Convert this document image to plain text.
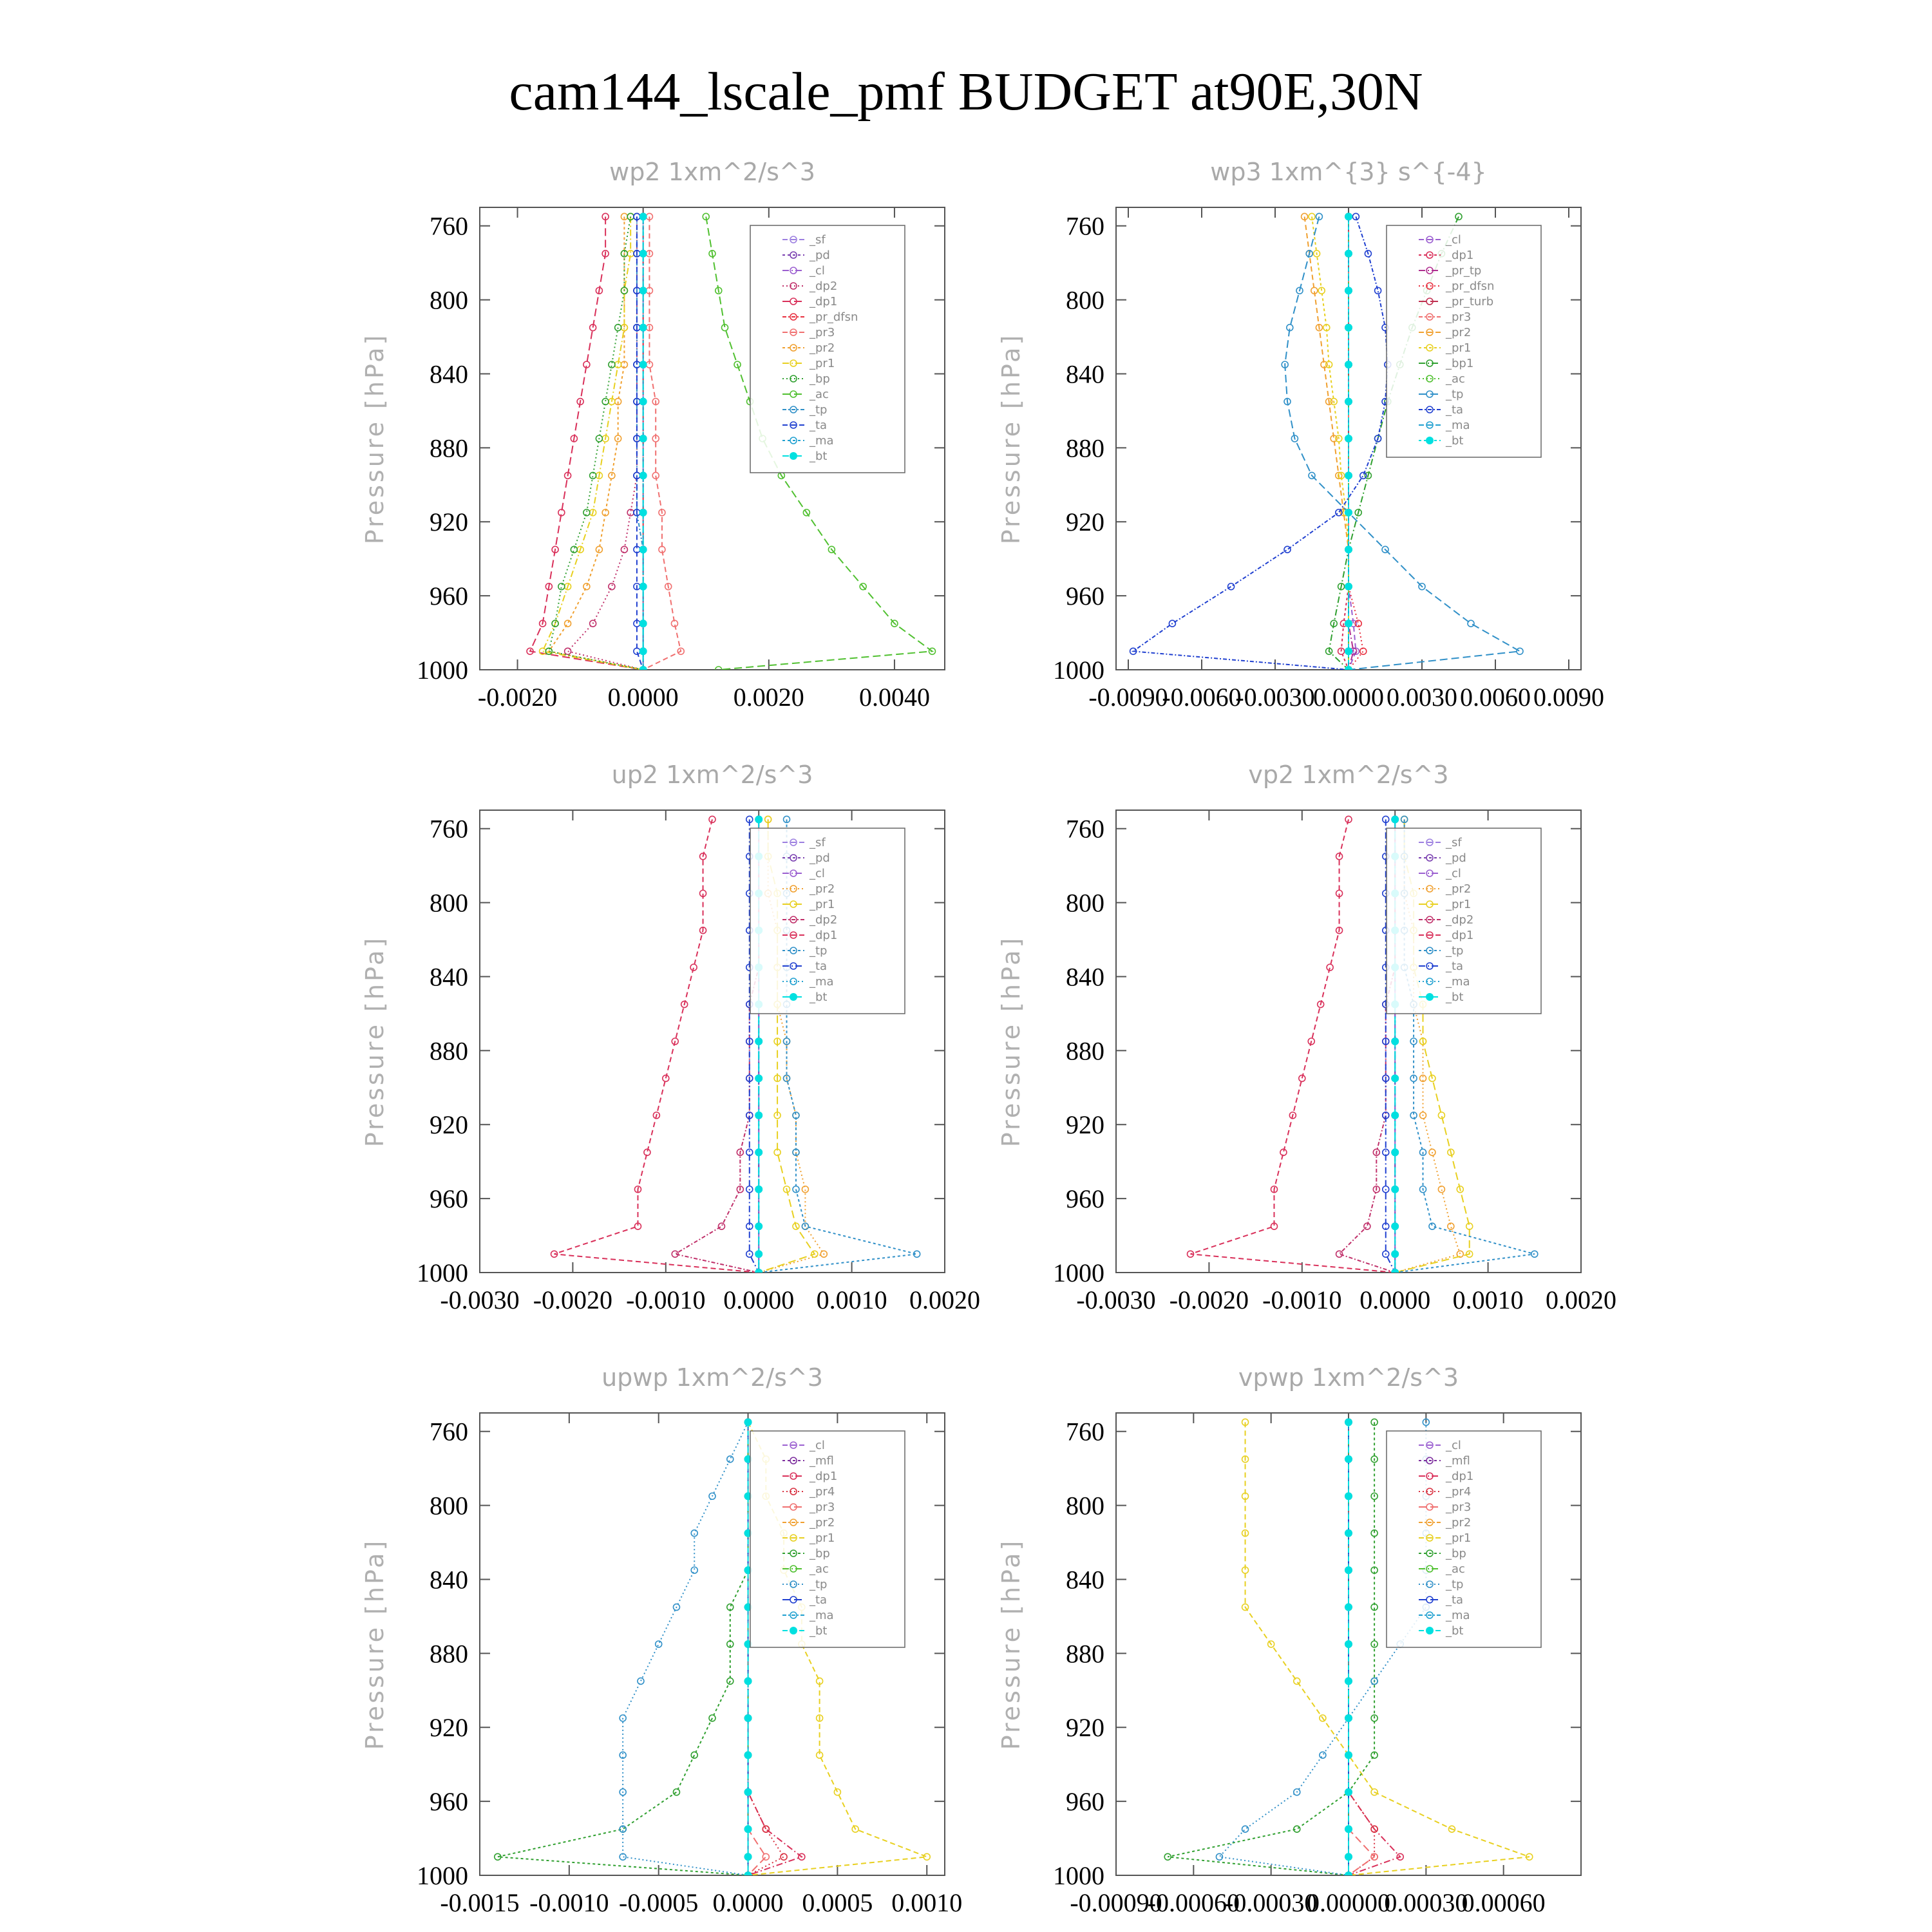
cam144_lscale_pmf BUDGET at90E,30N
wp2 1xm^2/s^3
Pressure [hPa]
760
800
840
880
920
960
1000
-0.0020 0.0000 0.0020 0.0040
_sf
_pd
_cl
_dp2
_dp1
_pr_dfsn
_pr3
_pr2
_pr1
_bp
_ac
_tp
_ta
_ma
_bt
wp3 1xm^{3} s^{-4}
Pressure [hPa]
760
800
840
880
920
960
1000
-0.0090
-0.0060
-0.0030
0.0000 0.0030 0.0060 0.0090
_cl
_dp1
_pr_tp
_pr_dfsn
_pr_turb
_pr3
_pr2
_pr1
_bp1
_ac
_tp
_ta
_ma
_bt
up2 1xm^2/s^3
Pressure [hPa]
760
800
840
880
920
960
1000
-0.0030 -0.0020 -0.0010 0.0000 0.0010 0.0020
_sf
_pd
_cl
_pr2
_pr1
_dp2
_dp1
_tp
_ta
_ma
_bt
vp2 1xm^2/s^3
Pressure [hPa]
760
800
840
880
920
960
1000
-0.0030 -0.0020 -0.0010 0.0000 0.0010 0.0020
_sf
_pd
_cl
_pr2
_pr1
_dp2
_dp1
_tp
_ta
_ma
_bt
upwp 1xm^2/s^3
Pressure [hPa]
760
800
840
880
920
960
1000
-0.0015 -0.0010 -0.0005 0.0000 0.0005 0.0010
_cl
_mfl
_dp1
_pr4
_pr3
_pr2
_pr1
_bp
_ac
_tp
_ta
_ma
_bt
vpwp 1xm^2/s^3
Pressure [hPa]
760
800
840
880
920
960
1000
-0.00090
-0.00060
-0.00030
0.00000
0.00030
0.00060
_cl
_mfl
_dp1
_pr4
_pr3
_pr2
_pr1
_bp
_ac
_tp
_ta
_ma
_bt
